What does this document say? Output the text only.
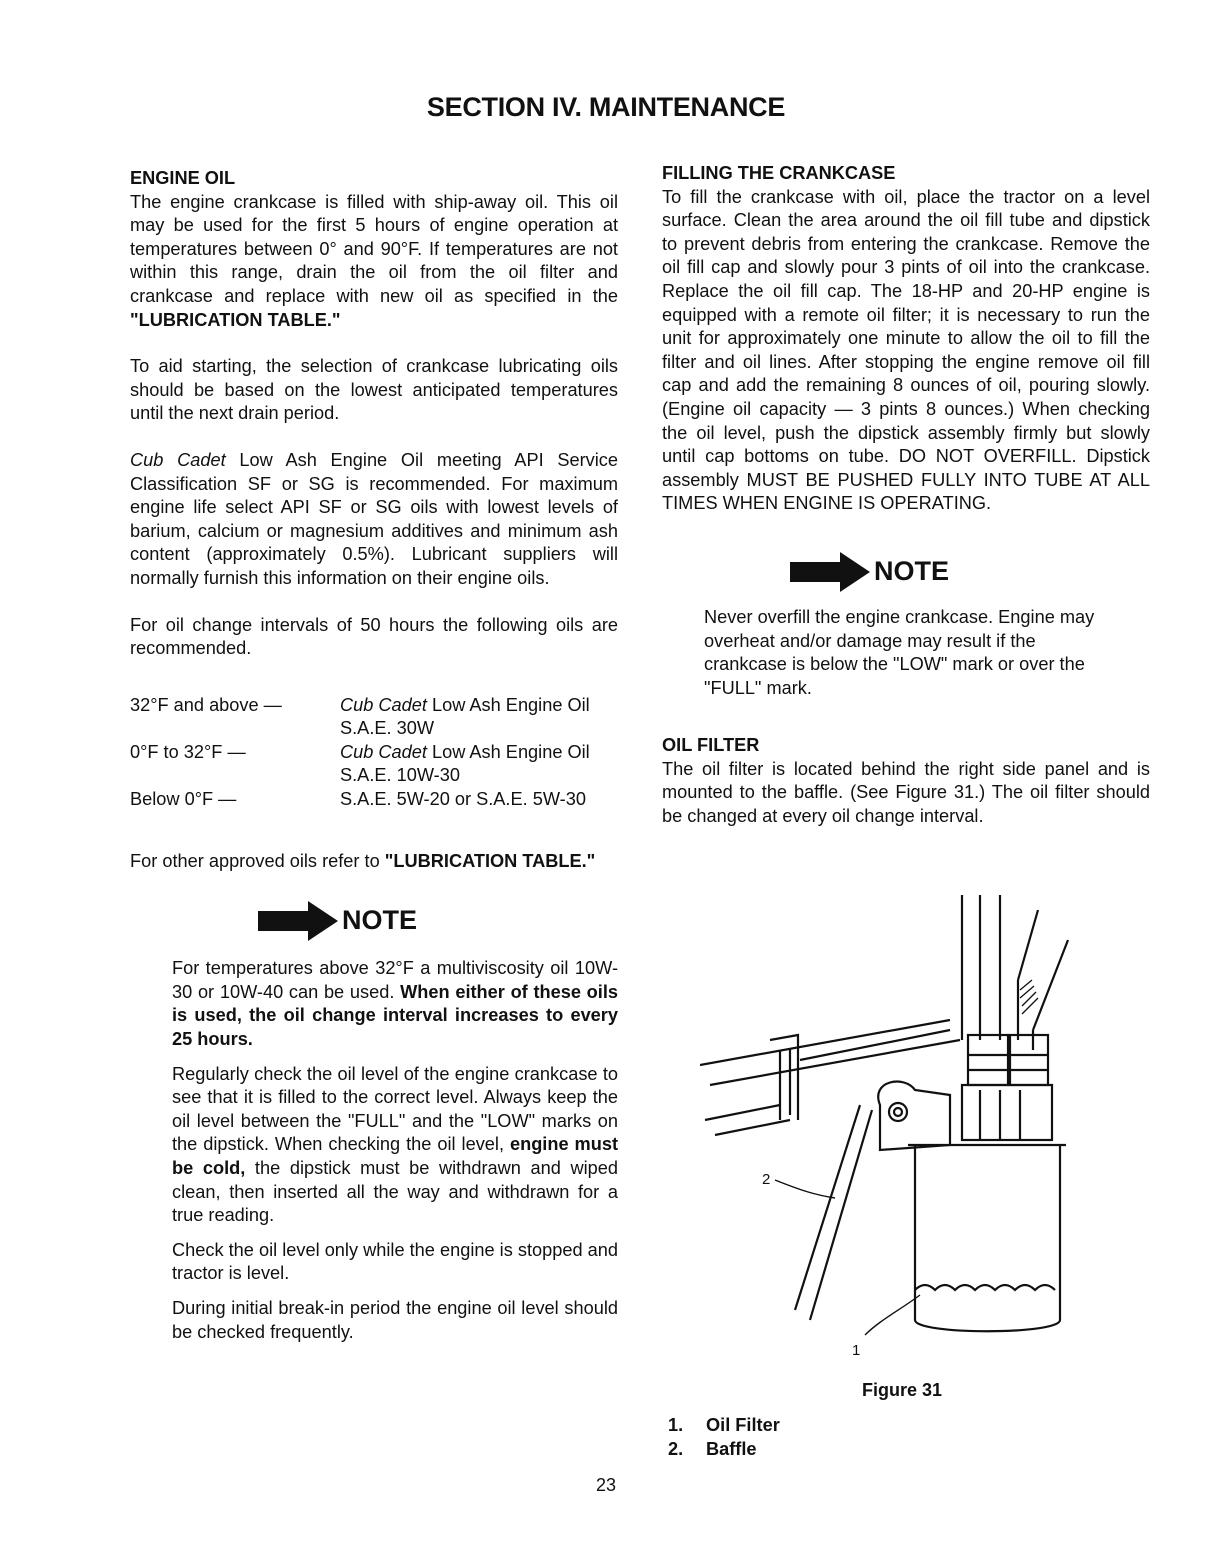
SECTION IV. MAINTENANCE
ENGINE OIL

The engine crankcase is filled with ship-away oil. This oil may be used for the first 5 hours of engine operation at temperatures between 0° and 90°F. If temperatures are not within this range, drain the oil from the oil filter and crankcase and replace with new oil as specified in the "LUBRICATION TABLE."

To aid starting, the selection of crankcase lubricating oils should be based on the lowest anticipated temperatures until the next drain period.

Cub Cadet Low Ash Engine Oil meeting API Service Classification SF or SG is recommended. For maximum engine life select API SF or SG oils with lowest levels of barium, calcium or magnesium additives and minimum ash content (approximately 0.5%). Lubricant suppliers will normally furnish this information on their engine oils.

For oil change intervals of 50 hours the following oils are recommended.

32°F and above —	Cub Cadet Low Ash Engine Oil
S.A.E. 30W
0°F to 32°F —	Cub Cadet Low Ash Engine Oil
S.A.E. 10W-30
Below 0°F —	S.A.E. 5W-20 or S.A.E. 5W-30

For other approved oils refer to "LUBRICATION TABLE."

NOTE

For temperatures above 32°F a multiviscosity oil 10W-30 or 10W-40 can be used. When either of these oils is used, the oil change interval increases to every 25 hours.

Regularly check the oil level of the engine crankcase to see that it is filled to the correct level. Always keep the oil level between the "FULL" and the "LOW" marks on the dipstick. When checking the oil level, engine must be cold, the dipstick must be withdrawn and wiped clean, then inserted all the way and withdrawn for a true reading.

Check the oil level only while the engine is stopped and tractor is level.

During initial break-in period the engine oil level should be checked frequently.

FILLING THE CRANKCASE

To fill the crankcase with oil, place the tractor on a level surface. Clean the area around the oil fill tube and dipstick to prevent debris from entering the crankcase. Remove the oil fill cap and slowly pour 3 pints of oil into the crankcase. Replace the oil fill cap. The 18-HP and 20-HP engine is equipped with a remote oil filter; it is necessary to run the unit for approximately one minute to allow the oil to fill the filter and oil lines. After stopping the engine remove oil fill cap and add the remaining 8 ounces of oil, pouring slowly. (Engine oil capacity — 3 pints 8 ounces.) When checking the oil level, push the dipstick assembly firmly but slowly until cap bottoms on tube. DO NOT OVERFILL. Dipstick assembly MUST BE PUSHED FULLY INTO TUBE AT ALL TIMES WHEN ENGINE IS OPERATING.

NOTE

Never overfill the engine crankcase. Engine may overheat and/or damage may result if the crankcase is below the "LOW" mark or over the "FULL" mark.

OIL FILTER

The oil filter is located behind the right side panel and is mounted to the baffle. (See Figure 31.) The oil filter should be changed at every oil change interval.

2
1
Figure 31
1. Oil Filter
2. Baffle
23
